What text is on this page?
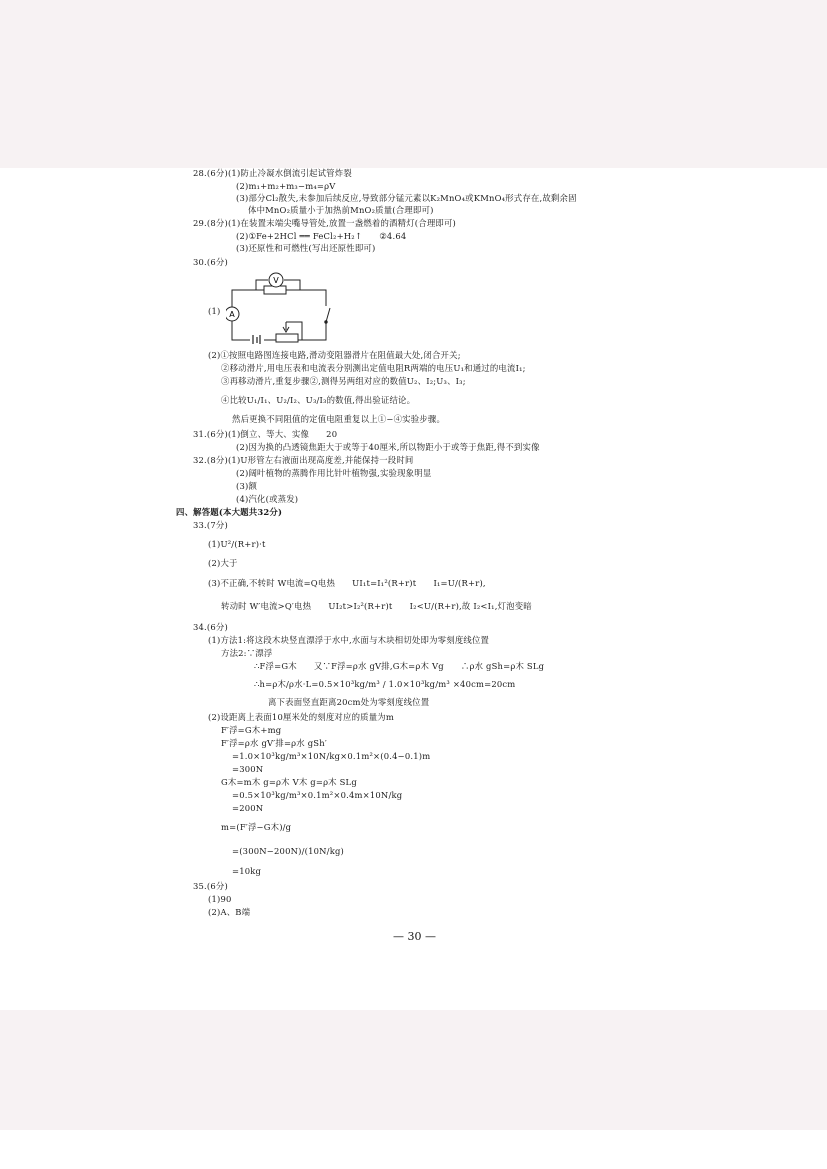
28.(6分)(1)防止冷凝水倒流引起试管炸裂
(2)m₁+m₂+m₃−m₄=ρV
(3)部分Cl₂散失,未参加后续反应,导致部分锰元素以K₂MnO₄或KMnO₄形式存在,故剩余固
体中MnO₂质量小于加热前MnO₂质量(合理即可)
29.(8分)(1)在装置末端尖嘴导管处,放置一盏燃着的酒精灯(合理即可)
(2)①Fe+2HCl ══ FeCl₂+H₂↑　　②4.64
(3)还原性和可燃性(写出还原性即可)
30.(6分)
(1)
V
A
(2)①按照电路图连接电路,滑动变阻器滑片在阻值最大处,闭合开关;
②移动滑片,用电压表和电流表分别测出定值电阻R两端的电压U₁和通过的电流I₁;
③再移动滑片,重复步骤②,测得另两组对应的数值U₂、I₂;U₃、I₃;
④比较U₁/I₁、U₂/I₂、U₃/I₃的数值,得出验证结论。
然后更换不同阻值的定值电阻重复以上①−④实验步骤。
31.(6分)(1)倒立、等大、实像　　20
(2)因为换的凸透镜焦距大于或等于40厘米,所以物距小于或等于焦距,得不到实像
32.(8分)(1)U形管左右液面出现高度差,并能保持一段时间
(2)阔叶植物的蒸腾作用比针叶植物强,实验现象明显
(3)额
(4)汽化(或蒸发)
四、解答题(本大题共32分)
33.(7分)
(1)U²/(R+r)·t
(2)大于
(3)不正确,不转时 W电流=Q电热　　UI₁t=I₁²(R+r)t　　I₁=U/(R+r),
转动时 W′电流>Q′电热　　UI₂t>I₂²(R+r)t　　I₂<U/(R+r),故 I₂<I₁,灯泡变暗
34.(6分)
(1)方法1:将这段木块竖直漂浮于水中,水面与木块相切处即为零刻度线位置
方法2:∵漂浮
∴F浮=G木　　又∵F浮=ρ水 gV排,G木=ρ木 Vg　　∴ρ水 gSh=ρ木 SLg
∴h=ρ木/ρ水·L=0.5×10³kg/m³ / 1.0×10³kg/m³ ×40cm=20cm
离下表面竖直距离20cm处为零刻度线位置
(2)设距离上表面10厘米处的刻度对应的质量为m
F′浮=G木+mg
F′浮=ρ水 gV′排=ρ水 gSh′
=1.0×10³kg/m³×10N/kg×0.1m²×(0.4−0.1)m
=300N
G木=m木 g=ρ木 V木 g=ρ木 SLg
=0.5×10³kg/m³×0.1m²×0.4m×10N/kg
=200N
m=(F′浮−G木)/g
=(300N−200N)/(10N/kg)
=10kg
35.(6分)
(1)90
(2)A、B端
— 30 —
